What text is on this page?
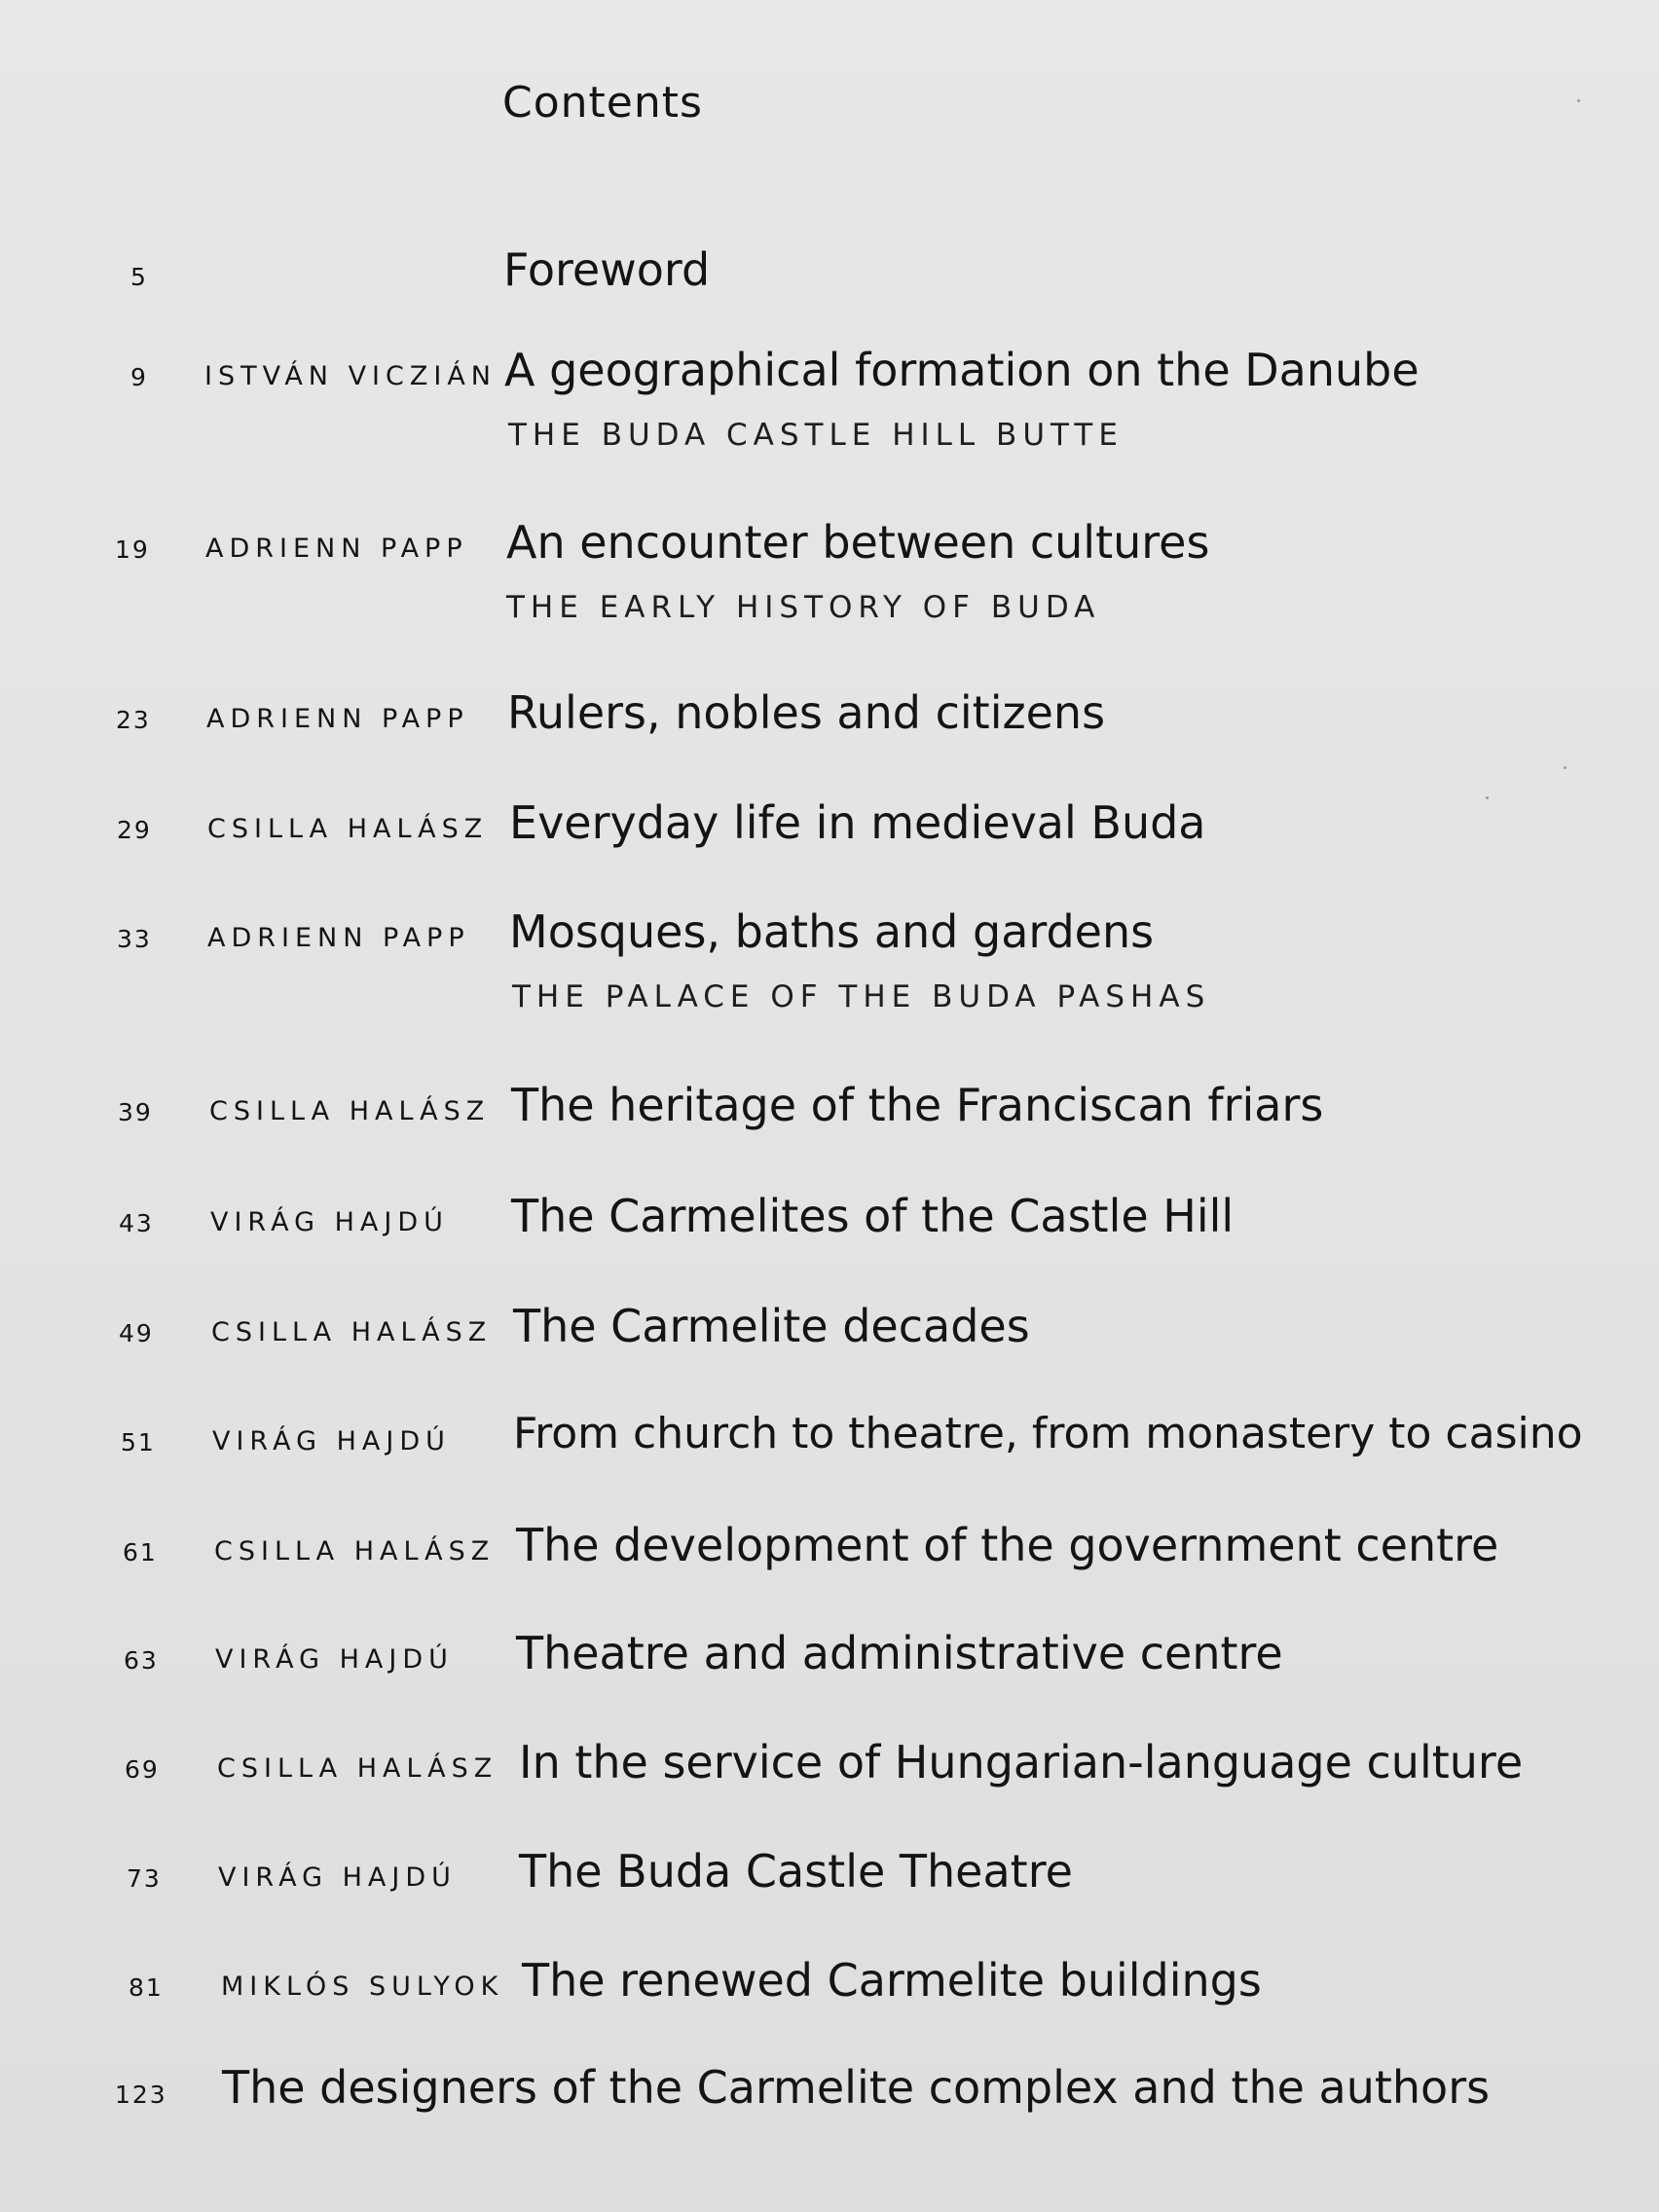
Contents
5	Foreword
9	ISTVÁN VICZIÁN A geographical formation on the Danube
THE BUDA CASTLE HILL BUTTE
19	ADRIENN PAPP An encounter between cultures
THE EARLY HISTORY OF BUDA
23	ADRIENN PAPP Rulers, nobles and citizens
29	CSILLA HALÁSZ Everyday life in medieval Buda
33	ADRIENN PAPP Mosques, baths and gardens
THE PALACE OF THE BUDA PASHAS
39	CSILLA HALÁSZ The heritage of the Franciscan friars
43	VIRÁG HAJDÚ The Carmelites of the Castle Hill
49	CSILLA HALÁSZ The Carmelite decades
51	VIRÁG HAJDÚ From church to theatre, from monastery to casino
61	CSILLA HALÁSZ The development of the government centre
63	VIRÁG HAJDÚ Theatre and administrative centre
69	CSILLA HALÁSZ In the service of Hungarian-language culture
73	VIRÁG HAJDÚ The Buda Castle Theatre
81	MIKLÓS SULYOK The renewed Carmelite buildings
123 The designers of the Carmelite complex and the authors
